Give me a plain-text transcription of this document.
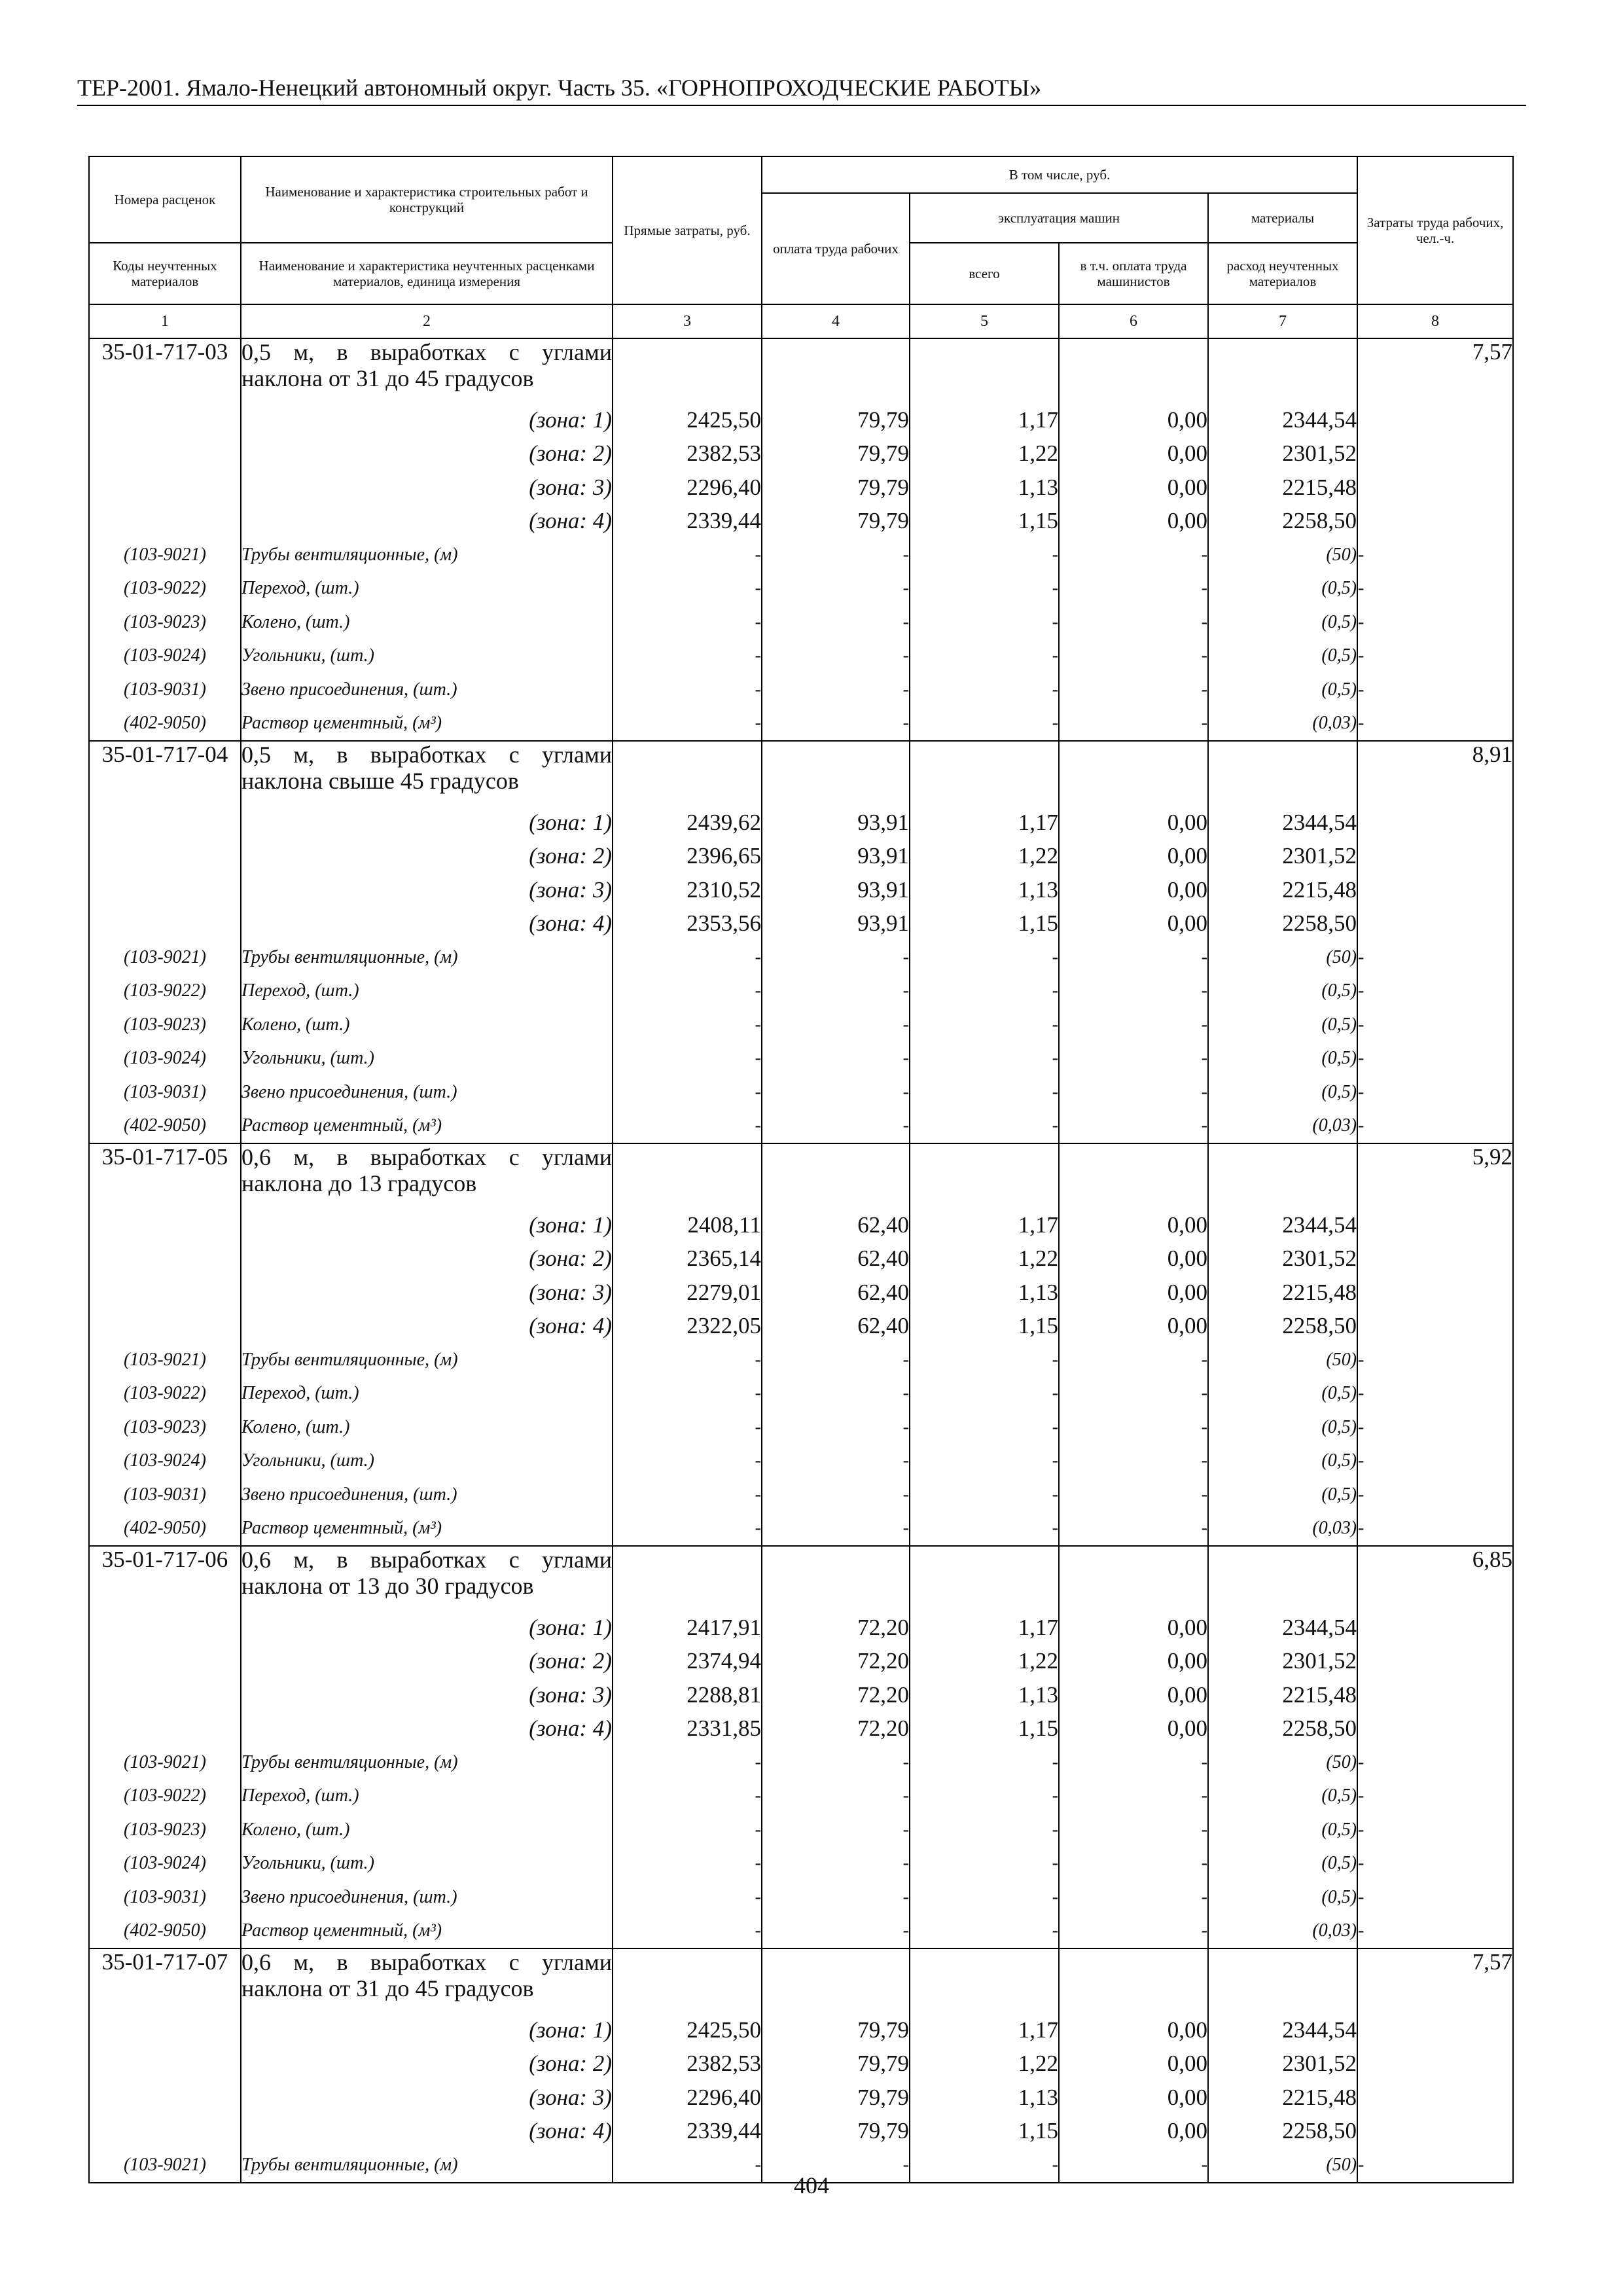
ТЕР-2001. Ямало-Ненецкий автономный округ. Часть 35. «ГОРНОПРОХОДЧЕСКИЕ РАБОТЫ»
Номера расценок	Наименование и характеристика строительных работ и конструкций	Прямые затраты, руб.	В том числе, руб.				Затраты труда рабочих, чел.-ч.
			оплата труда рабочих	эксплуатация машин		материалы	
Коды неучтенных материалов	Наименование и характеристика неучтенных расценками материалов, единица измерения			всего	в т.ч. оплата труда машинистов	расход неучтенных материалов	
1	2	3	4	5	6	7	8
35-01-717-03	0,5 м, в выработках с углами наклона от 31 до 45 градусов						7,57
	(зона: 1)	2425,50	79,79	1,17	0,00	2344,54	
	(зона: 2)	2382,53	79,79	1,22	0,00	2301,52	
	(зона: 3)	2296,40	79,79	1,13	0,00	2215,48	
	(зона: 4)	2339,44	79,79	1,15	0,00	2258,50	
(103-9021)	Трубы вентиляционные, (м)	-	-	-	-	(50)	-
(103-9022)	Переход, (шт.)	-	-	-	-	(0,5)	-
(103-9023)	Колено, (шт.)	-	-	-	-	(0,5)	-
(103-9024)	Угольники, (шт.)	-	-	-	-	(0,5)	-
(103-9031)	Звено присоединения, (шт.)	-	-	-	-	(0,5)	-
(402-9050)	Раствор цементный, (м³)	-	-	-	-	(0,03)	-
35-01-717-04	0,5 м, в выработках с углами наклона свыше 45 градусов						8,91
	(зона: 1)	2439,62	93,91	1,17	0,00	2344,54	
	(зона: 2)	2396,65	93,91	1,22	0,00	2301,52	
	(зона: 3)	2310,52	93,91	1,13	0,00	2215,48	
	(зона: 4)	2353,56	93,91	1,15	0,00	2258,50	
(103-9021)	Трубы вентиляционные, (м)	-	-	-	-	(50)	-
(103-9022)	Переход, (шт.)	-	-	-	-	(0,5)	-
(103-9023)	Колено, (шт.)	-	-	-	-	(0,5)	-
(103-9024)	Угольники, (шт.)	-	-	-	-	(0,5)	-
(103-9031)	Звено присоединения, (шт.)	-	-	-	-	(0,5)	-
(402-9050)	Раствор цементный, (м³)	-	-	-	-	(0,03)	-
35-01-717-05	0,6 м, в выработках с углами наклона до 13 градусов						5,92
	(зона: 1)	2408,11	62,40	1,17	0,00	2344,54	
	(зона: 2)	2365,14	62,40	1,22	0,00	2301,52	
	(зона: 3)	2279,01	62,40	1,13	0,00	2215,48	
	(зона: 4)	2322,05	62,40	1,15	0,00	2258,50	
(103-9021)	Трубы вентиляционные, (м)	-	-	-	-	(50)	-
(103-9022)	Переход, (шт.)	-	-	-	-	(0,5)	-
(103-9023)	Колено, (шт.)	-	-	-	-	(0,5)	-
(103-9024)	Угольники, (шт.)	-	-	-	-	(0,5)	-
(103-9031)	Звено присоединения, (шт.)	-	-	-	-	(0,5)	-
(402-9050)	Раствор цементный, (м³)	-	-	-	-	(0,03)	-
35-01-717-06	0,6 м, в выработках с углами наклона от 13 до 30 градусов						6,85
	(зона: 1)	2417,91	72,20	1,17	0,00	2344,54	
	(зона: 2)	2374,94	72,20	1,22	0,00	2301,52	
	(зона: 3)	2288,81	72,20	1,13	0,00	2215,48	
	(зона: 4)	2331,85	72,20	1,15	0,00	2258,50	
(103-9021)	Трубы вентиляционные, (м)	-	-	-	-	(50)	-
(103-9022)	Переход, (шт.)	-	-	-	-	(0,5)	-
(103-9023)	Колено, (шт.)	-	-	-	-	(0,5)	-
(103-9024)	Угольники, (шт.)	-	-	-	-	(0,5)	-
(103-9031)	Звено присоединения, (шт.)	-	-	-	-	(0,5)	-
(402-9050)	Раствор цементный, (м³)	-	-	-	-	(0,03)	-
35-01-717-07	0,6 м, в выработках с углами наклона от 31 до 45 градусов						7,57
	(зона: 1)	2425,50	79,79	1,17	0,00	2344,54	
	(зона: 2)	2382,53	79,79	1,22	0,00	2301,52	
	(зона: 3)	2296,40	79,79	1,13	0,00	2215,48	
	(зона: 4)	2339,44	79,79	1,15	0,00	2258,50	
(103-9021)	Трубы вентиляционные, (м)	-	-	-	-	(50)	-
404
